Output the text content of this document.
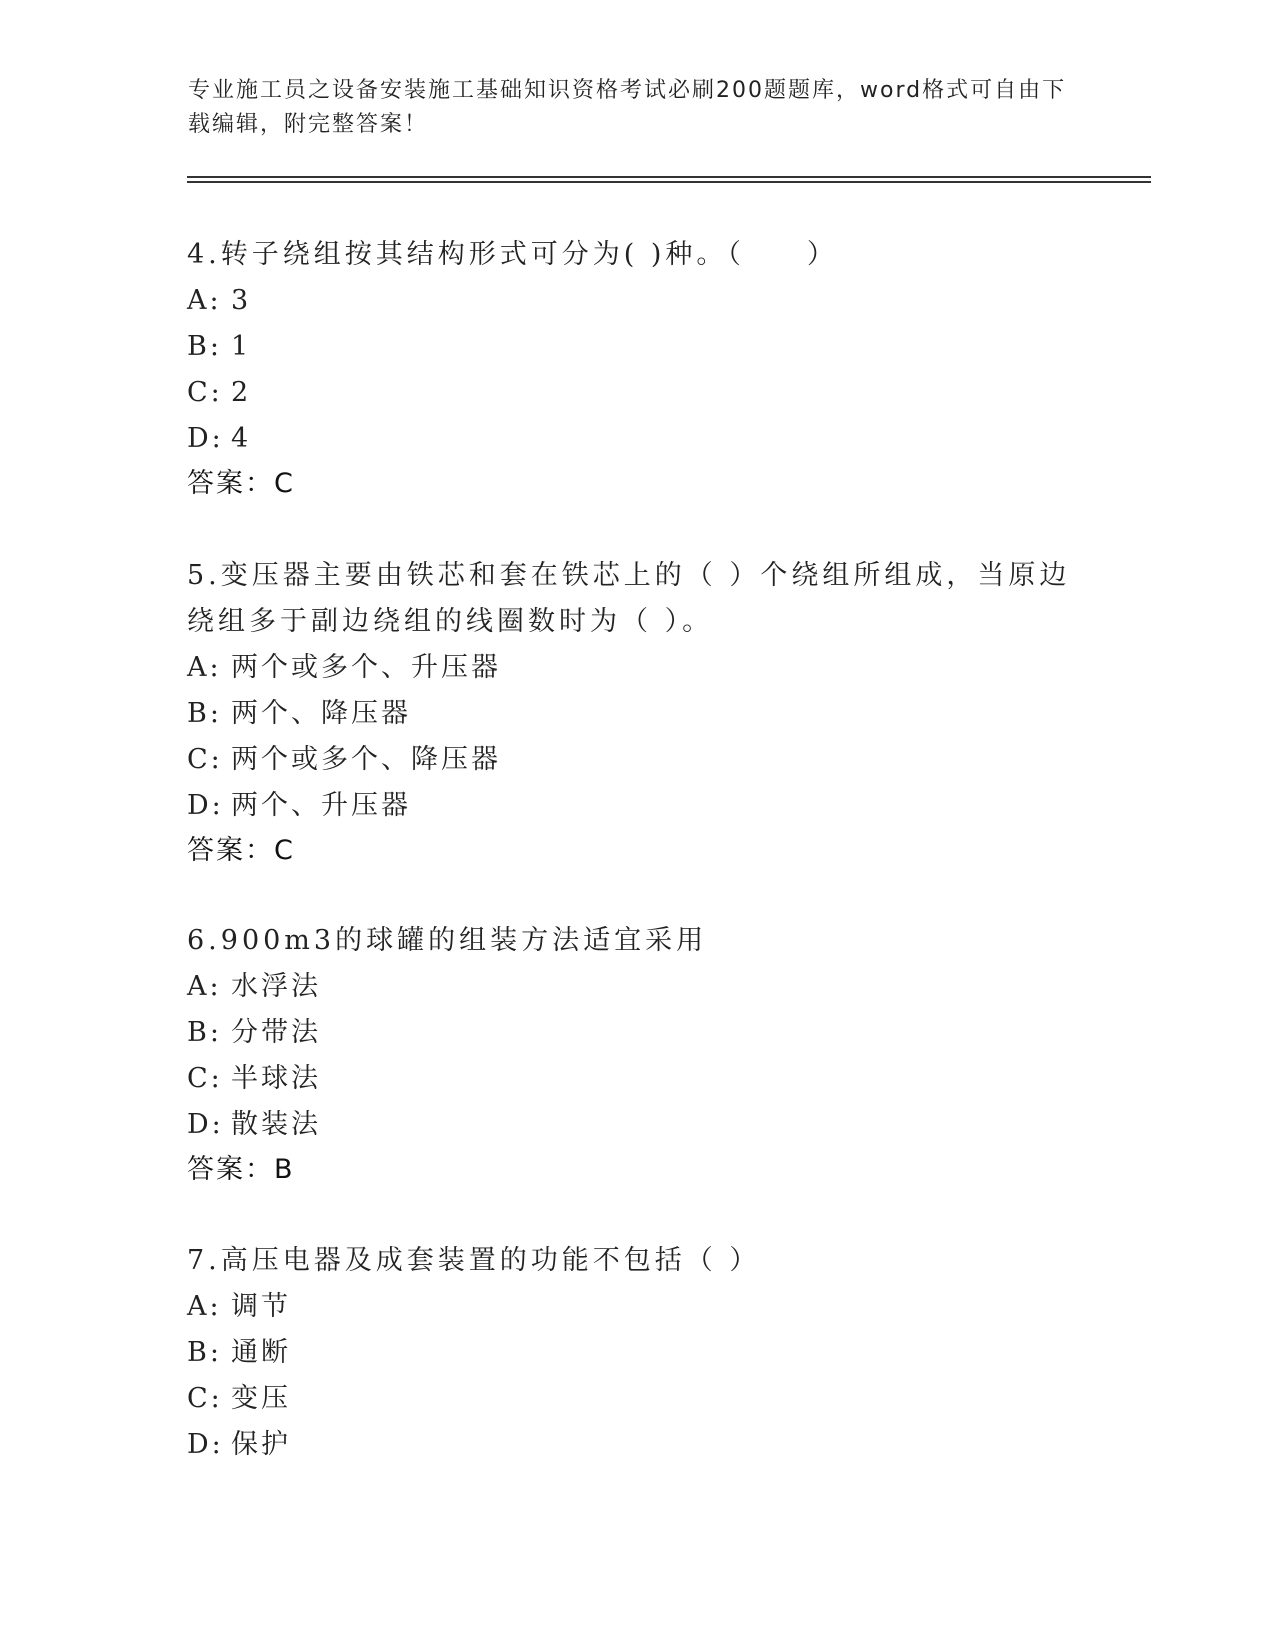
专业施工员之设备安装施工基础知识资格考试必刷200题题库，word格式可自由下载编辑，附完整答案！

4.转子绕组按其结构形式可分为( )种。（　　）

A: 3
B: 1
C: 2
D: 4
答案：C

5.变压器主要由铁芯和套在铁芯上的（ ）个绕组所组成，当原边绕组多于副边绕组的线圈数时为（ ）。

A: 两个或多个、升压器
B: 两个、降压器
C: 两个或多个、降压器
D: 两个、升压器
答案：C

6.900m3的球罐的组装方法适宜采用

A: 水浮法
B: 分带法
C: 半球法
D: 散装法
答案：B

7.高压电器及成套装置的功能不包括（ ）

A: 调节
B: 通断
C: 变压
D: 保护
